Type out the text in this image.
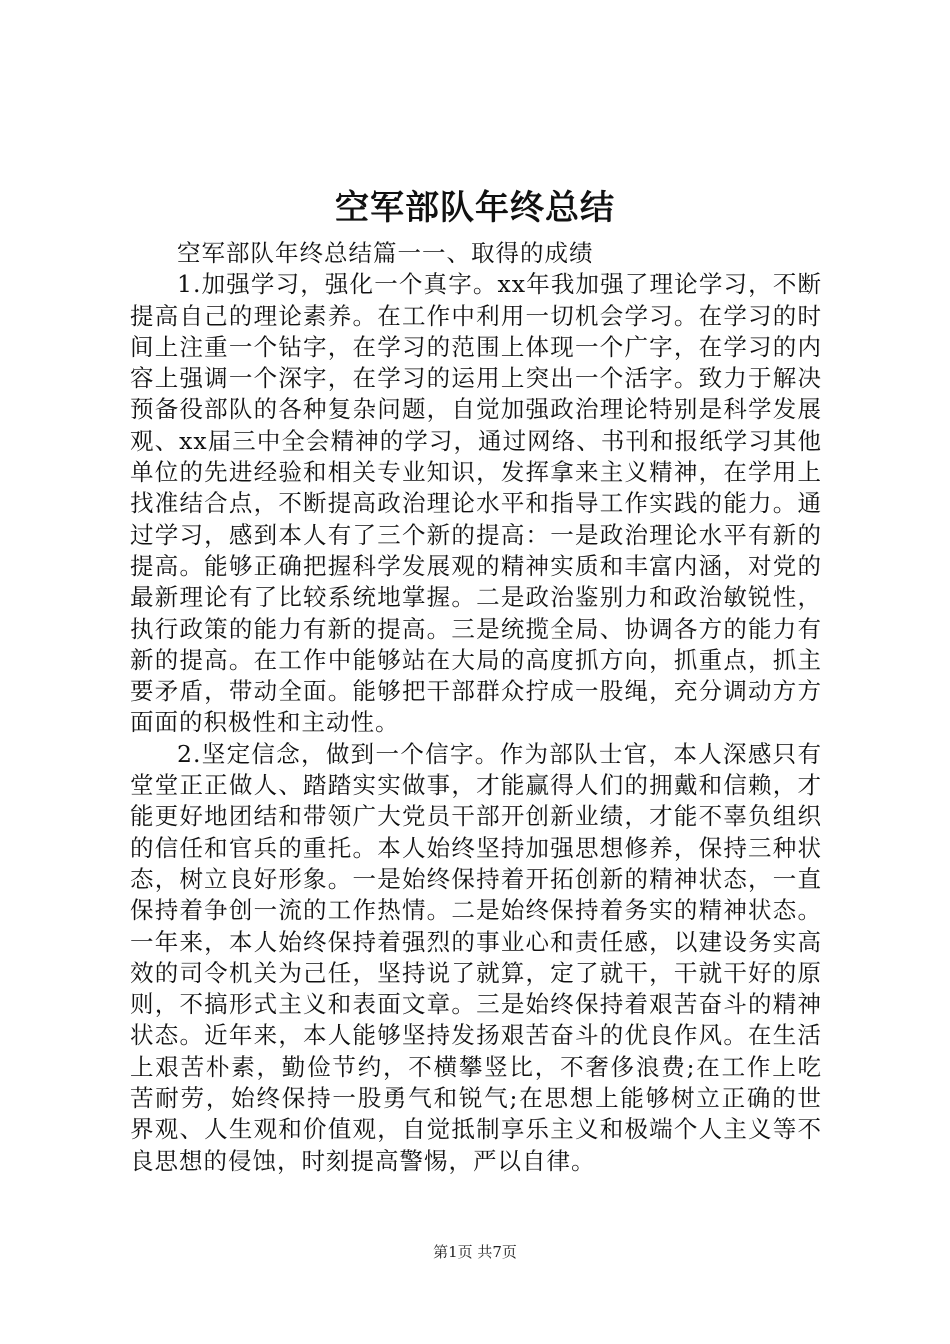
空军部队年终总结

空军部队年终总结篇一一、取得的成绩

1.加强学习，强化一个真字。xx年我加强了理论学习，不断提高自己的理论素养。在工作中利用一切机会学习。在学习的时间上注重一个钻字，在学习的范围上体现一个广字，在学习的内容上强调一个深字，在学习的运用上突出一个活字。致力于解决预备役部队的各种复杂问题，自觉加强政治理论特别是科学发展观、xx届三中全会精神的学习，通过网络、书刊和报纸学习其他单位的先进经验和相关专业知识，发挥拿来主义精神，在学用上找准结合点，不断提高政治理论水平和指导工作实践的能力。通过学习，感到本人有了三个新的提高：一是政治理论水平有新的提高。能够正确把握科学发展观的精神实质和丰富内涵，对党的最新理论有了比较系统地掌握。二是政治鉴别力和政治敏锐性，执行政策的能力有新的提高。三是统揽全局、协调各方的能力有新的提高。在工作中能够站在大局的高度抓方向，抓重点，抓主要矛盾，带动全面。能够把干部群众拧成一股绳，充分调动方方面面的积极性和主动性。

2.坚定信念，做到一个信字。作为部队士官，本人深感只有堂堂正正做人、踏踏实实做事，才能赢得人们的拥戴和信赖，才能更好地团结和带领广大党员干部开创新业绩，才能不辜负组织的信任和官兵的重托。本人始终坚持加强思想修养，保持三种状态，树立良好形象。一是始终保持着开拓创新的精神状态，一直保持着争创一流的工作热情。二是始终保持着务实的精神状态。一年来，本人始终保持着强烈的事业心和责任感，以建设务实高效的司令机关为己任，坚持说了就算，定了就干，干就干好的原则，不搞形式主义和表面文章。三是始终保持着艰苦奋斗的精神状态。近年来，本人能够坚持发扬艰苦奋斗的优良作风。在生活上艰苦朴素，勤俭节约，不横攀竖比，不奢侈浪费;在工作上吃苦耐劳，始终保持一股勇气和锐气;在思想上能够树立正确的世界观、人生观和价值观，自觉抵制享乐主义和极端个人主义等不良思想的侵蚀，时刻提高警惕，严以自律。

第1页 共7页
